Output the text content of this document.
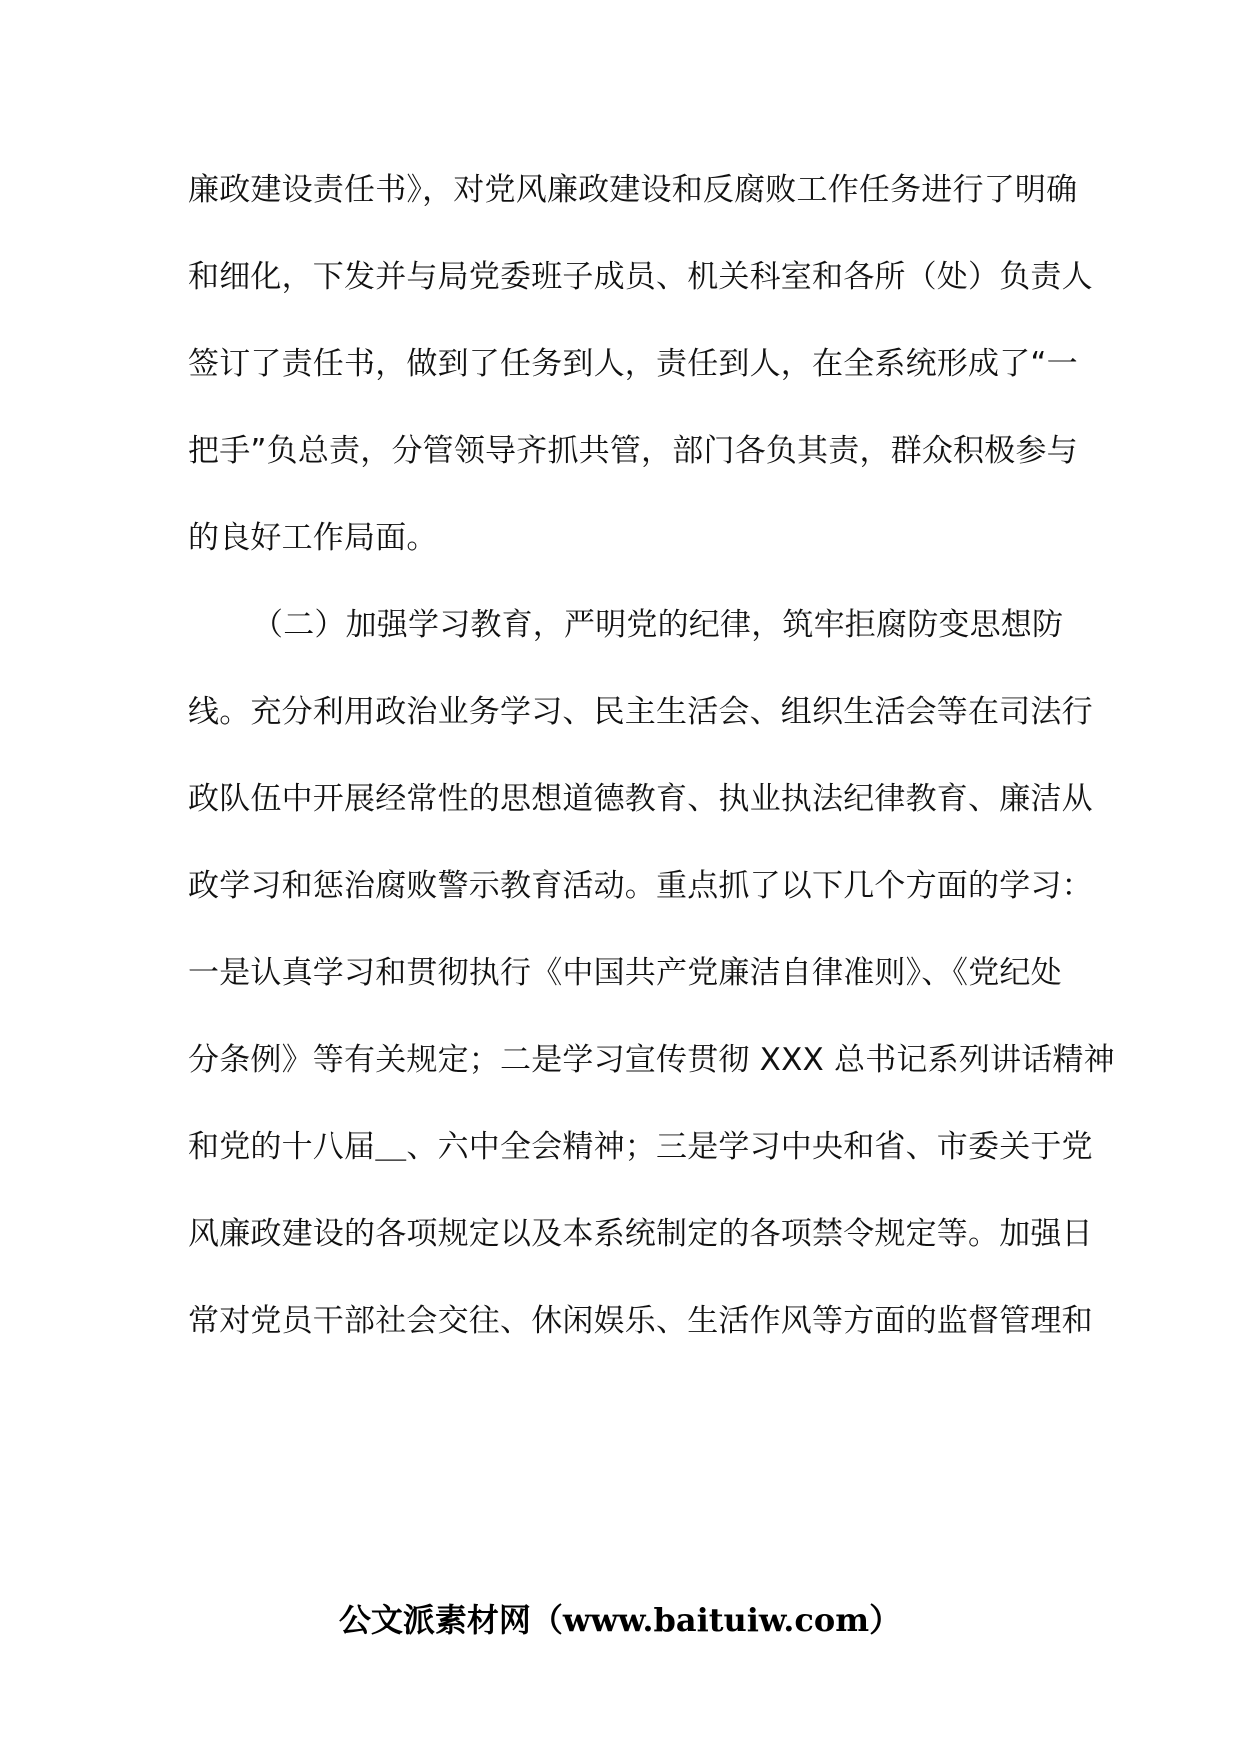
廉政建设责任书》，对党风廉政建设和反腐败工作任务进行了明确
和细化，下发并与局党委班子成员、机关科室和各所（处）负责人
签订了责任书，做到了任务到人，责任到人，在全系统形成了“一
把手”负总责，分管领导齐抓共管，部门各负其责，群众积极参与
的良好工作局面。
（二）加强学习教育，严明党的纪律，筑牢拒腐防变思想防
线。充分利用政治业务学习、民主生活会、组织生活会等在司法行
政队伍中开展经常性的思想道德教育、执业执法纪律教育、廉洁从
政学习和惩治腐败警示教育活动。重点抓了以下几个方面的学习：
一是认真学习和贯彻执行《中国共产党廉洁自律准则》、《党纪处
分条例》等有关规定；二是学习宣传贯彻 XXX 总书记系列讲话精神
和党的十八届＿、六中全会精神；三是学习中央和省、市委关于党
风廉政建设的各项规定以及本系统制定的各项禁令规定等。加强日
常对党员干部社会交往、休闲娱乐、生活作风等方面的监督管理和
公文派素材网（www.baituiw.com）
